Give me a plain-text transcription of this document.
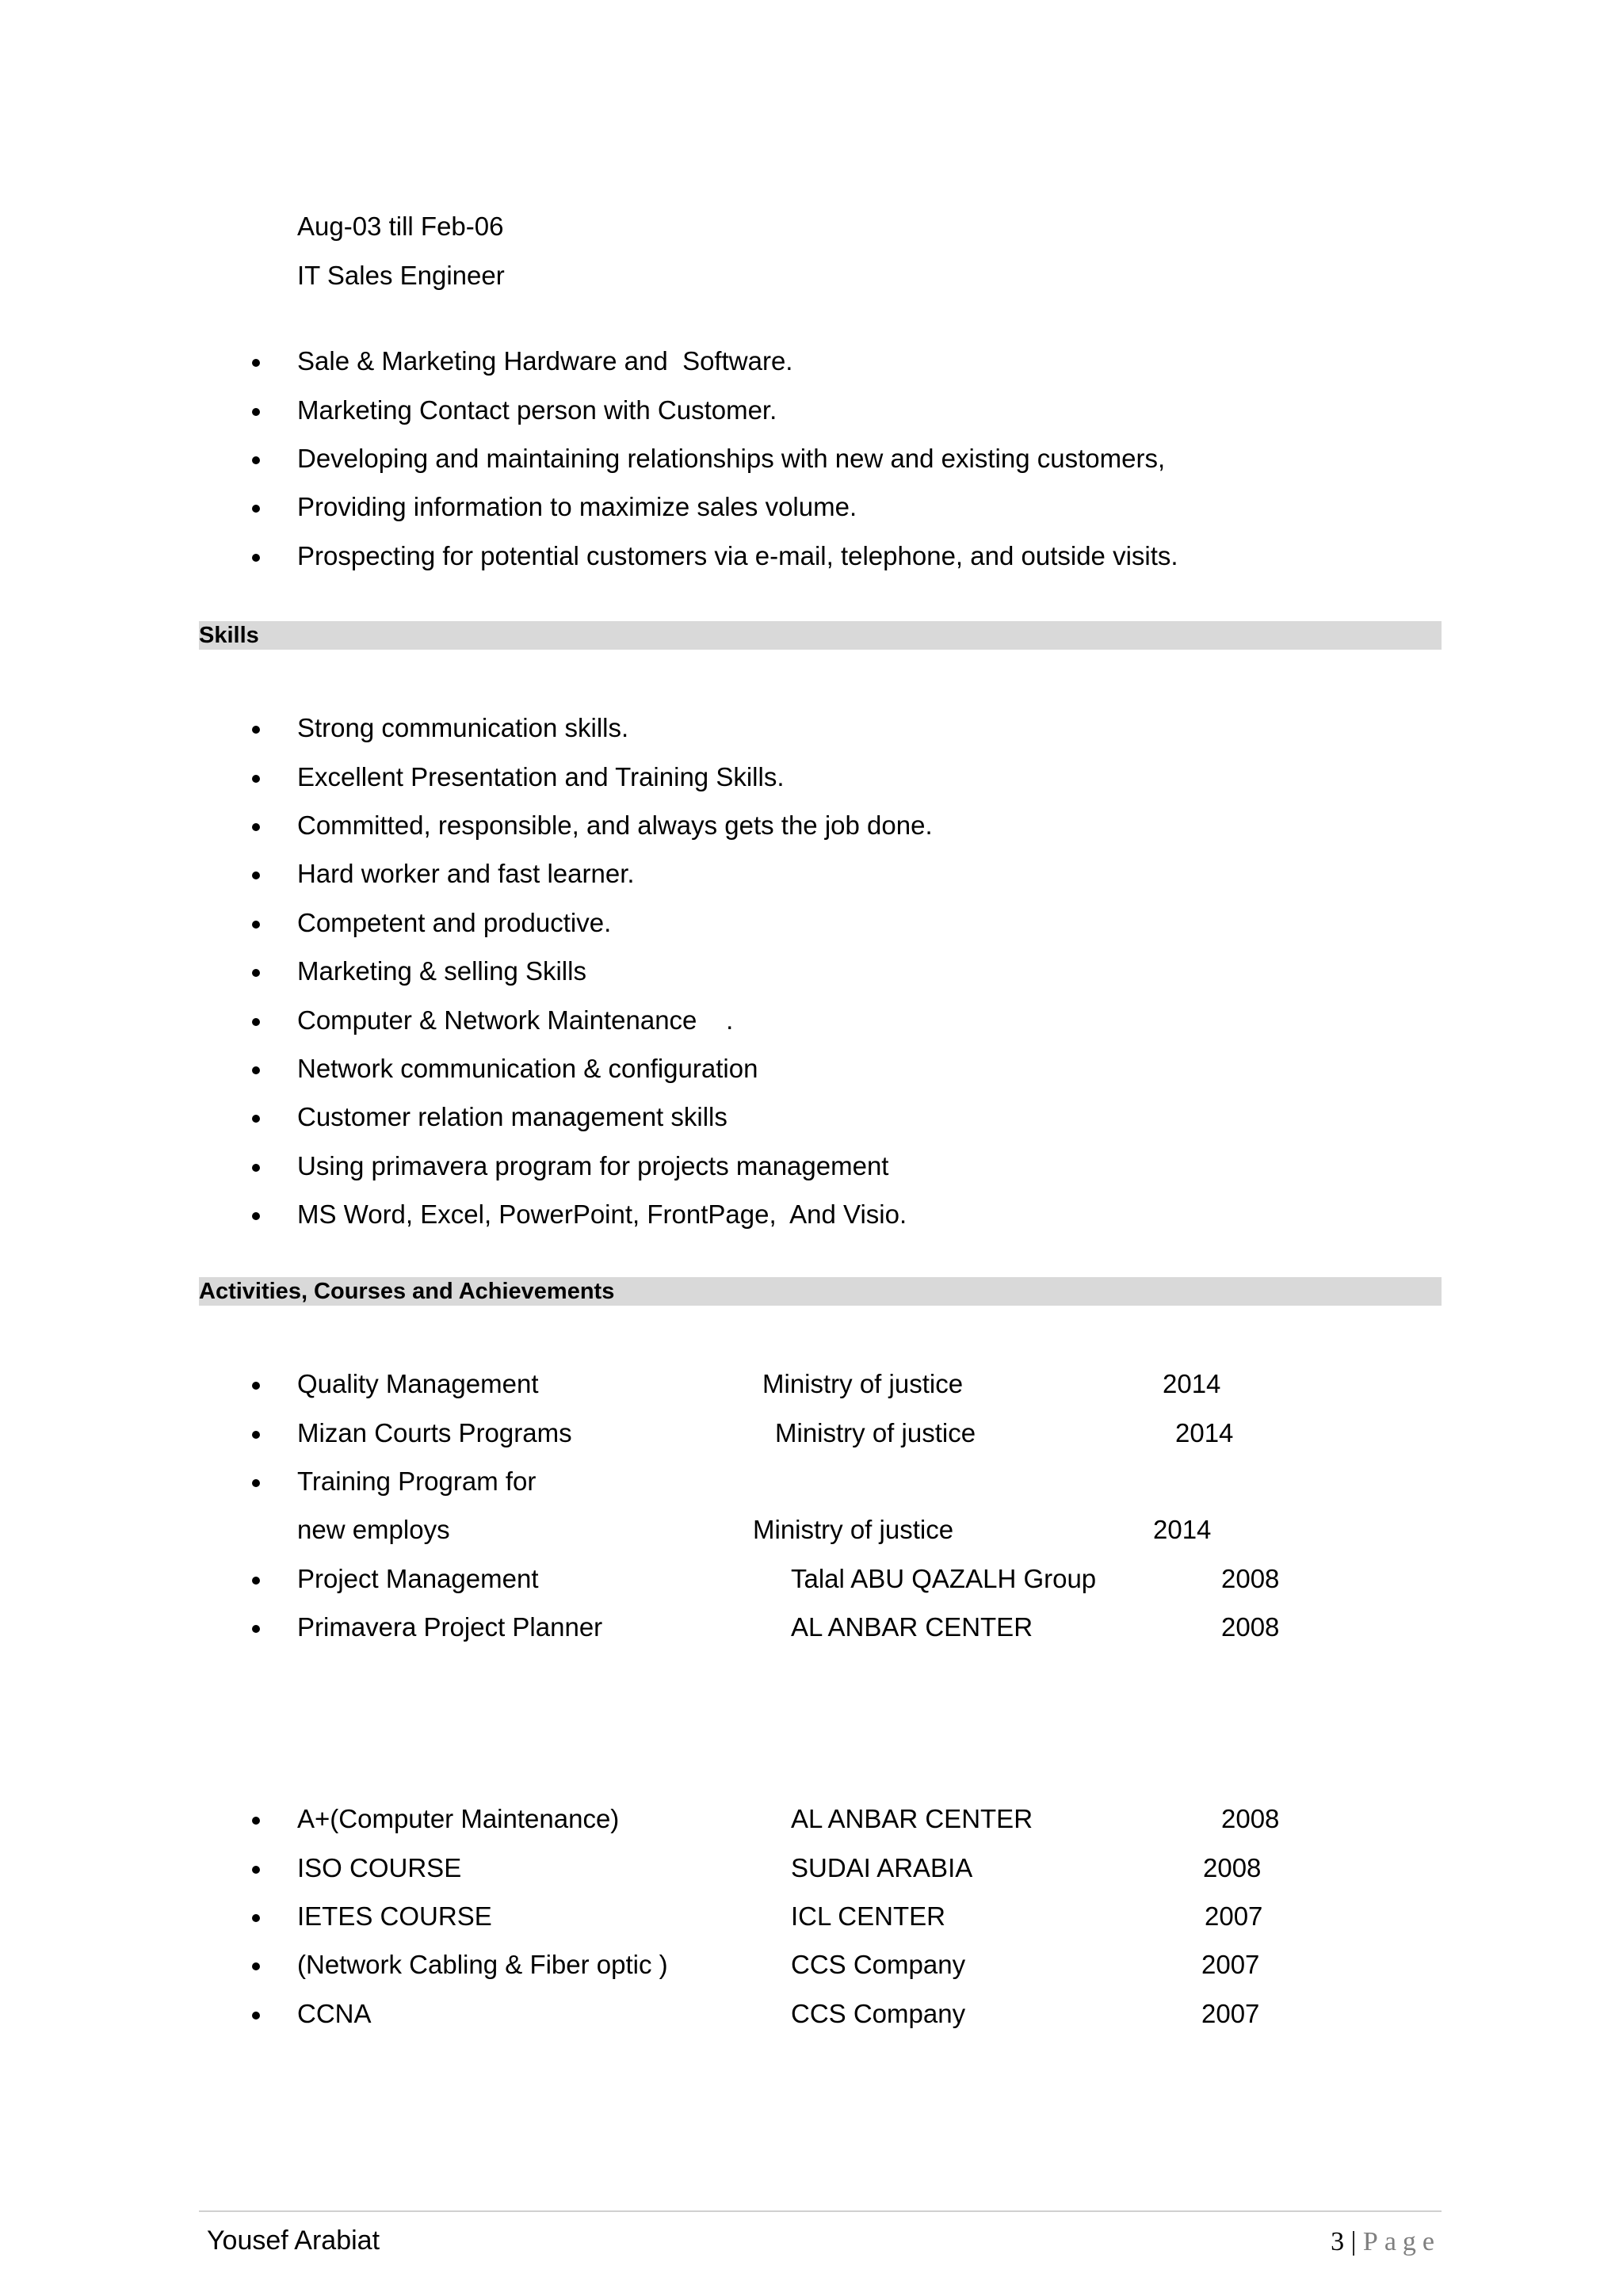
Aug-03 till Feb-06
IT Sales Engineer
Sale & Marketing Hardware and  Software.
Marketing Contact person with Customer.
Developing and maintaining relationships with new and existing customers,
Providing information to maximize sales volume.
Prospecting for potential customers via e-mail, telephone, and outside visits.
Skills
Strong communication skills.
Excellent Presentation and Training Skills.
Committed, responsible, and always gets the job done.
Hard worker and fast learner.
Competent and productive.
Marketing & selling Skills
Computer & Network Maintenance    .
Network communication & configuration
Customer relation management skills
Using primavera program for projects management
MS Word, Excel, PowerPoint, FrontPage,  And Visio.
Activities, Courses and Achievements
Quality Management	Ministry of justice	2014
Mizan Courts Programs	Ministry of justice	2014
Training Program for
new employs	Ministry of justice	2014
Project Management	Talal ABU QAZALH Group	2008
Primavera Project Planner	AL ANBAR CENTER	2008
A+(Computer Maintenance)	AL ANBAR CENTER	2008
ISO COURSE	SUDAI ARABIA	2008
IETES COURSE	ICL CENTER	2007
(Network Cabling & Fiber optic )	CCS Company	2007
CCNA	CCS Company	2007
Yousef Arabiat	3 | Page
